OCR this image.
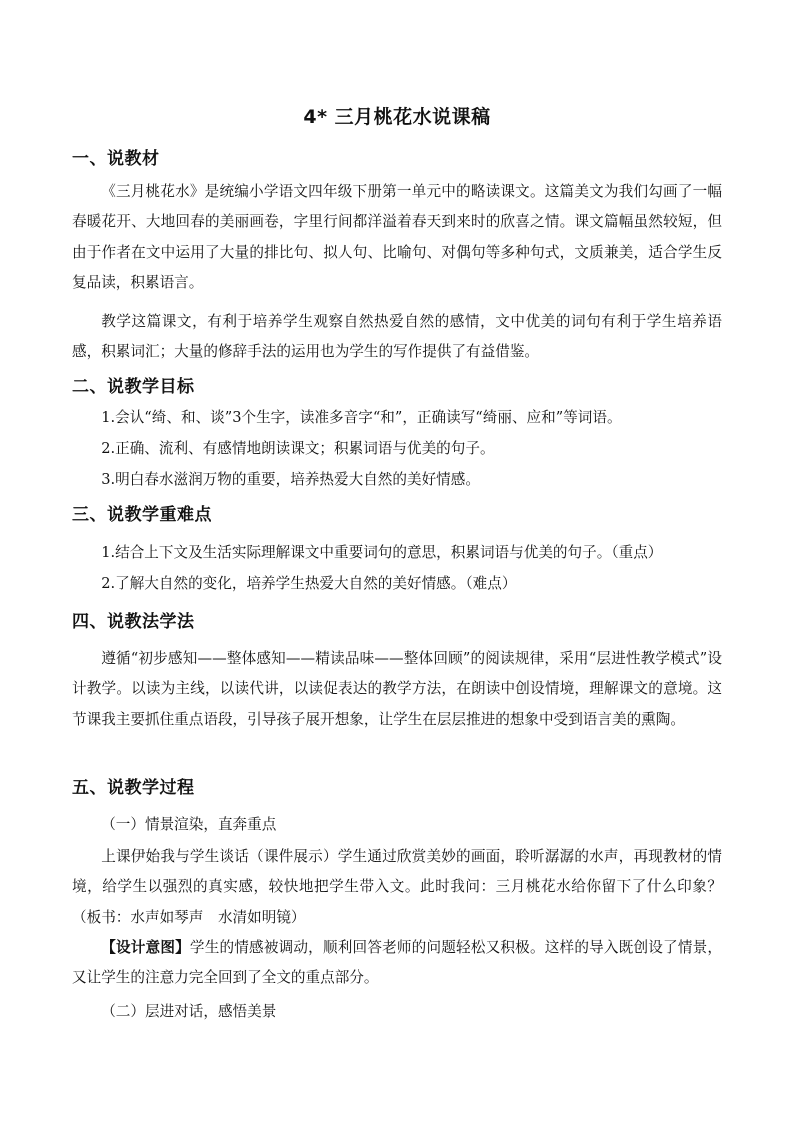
4* 三月桃花水说课稿
一、说教材

《三月桃花水》是统编小学语文四年级下册第一单元中的略读课文。这篇美文为我们勾画了一幅春暖花开、大地回春的美丽画卷，字里行间都洋溢着春天到来时的欣喜之情。课文篇幅虽然较短，但由于作者在文中运用了大量的排比句、拟人句、比喻句、对偶句等多种句式，文质兼美，适合学生反复品读，积累语言。

教学这篇课文，有利于培养学生观察自然热爱自然的感情，文中优美的词句有利于学生培养语感，积累词汇；大量的修辞手法的运用也为学生的写作提供了有益借鉴。

二、说教学目标

1.会认“绮、和、谈”3个生字，读准多音字“和”，正确读写“绮丽、应和”等词语。

2.正确、流利、有感情地朗读课文；积累词语与优美的句子。

3.明白春水滋润万物的重要，培养热爱大自然的美好情感。

三、说教学重难点

1.结合上下文及生活实际理解课文中重要词句的意思，积累词语与优美的句子。（重点）

2.了解大自然的变化，培养学生热爱大自然的美好情感。（难点）

四、说教法学法

遵循“初步感知——整体感知——精读品味——整体回顾”的阅读规律，采用“层进性教学模式”设计教学。以读为主线，以读代讲，以读促表达的教学方法，在朗读中创设情境，理解课文的意境。这节课我主要抓住重点语段，引导孩子展开想象，让学生在层层推进的想象中受到语言美的熏陶。

五、说教学过程

（一）情景渲染，直奔重点

上课伊始我与学生谈话（课件展示）学生通过欣赏美妙的画面，聆听潺潺的水声，再现教材的情境，给学生以强烈的真实感，较快地把学生带入文。此时我问：三月桃花水给你留下了什么印象？（板书：水声如琴声　水清如明镜）

【设计意图】学生的情感被调动，顺利回答老师的问题轻松又积极。这样的导入既创设了情景，又让学生的注意力完全回到了全文的重点部分。

（二）层进对话，感悟美景
